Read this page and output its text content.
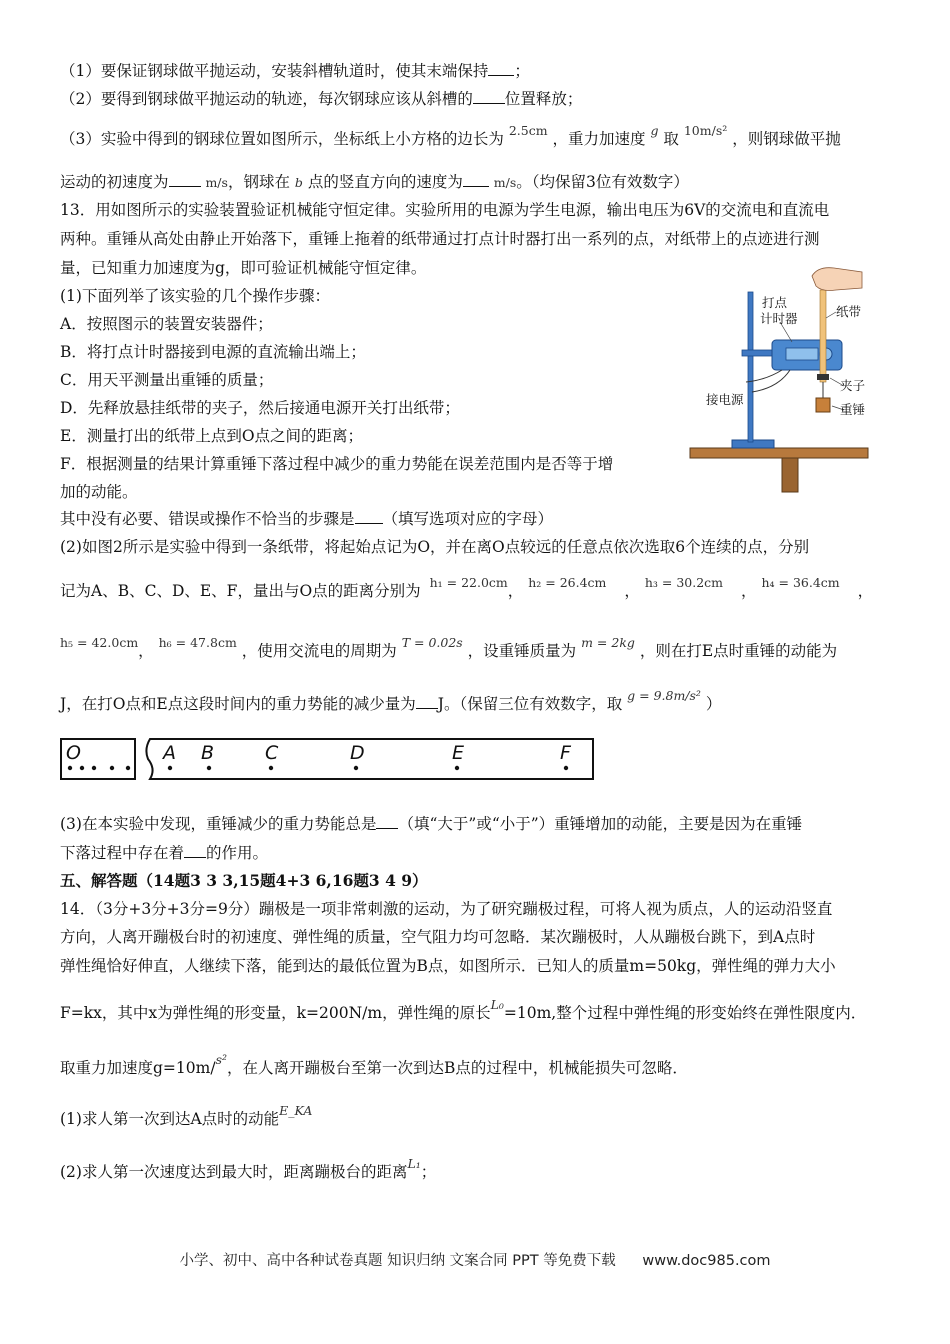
（1）要保证钢球做平抛运动，安装斜槽轨道时，使其末端保持 ；
（2）要得到钢球做平抛运动的轨迹，每次钢球应该从斜槽的 位置释放；
（3）实验中得到的钢球位置如图所示，坐标纸上小方格的边长为 $^{2.5cm}$ ，重力加速度 $^g$ 取 $^{10m/s^2}$ ，则钢球做平抛
运动的初速度为	m/s，钢球在 b 点的竖直方向的速度为 m/s。（均保留3位有效数字）
13．用如图所示的实验装置验证机械能守恒定律。实验所用的电源为学生电源，输出电压为6V的交流电和直流电
两种。重锤从高处由静止开始落下，重锤上拖着的纸带通过打点计时器打出一系列的点，对纸带上的点迹进行测
量，已知重力加速度为g，即可验证机械能守恒定律。
(1)下面列举了该实验的几个操作步骤：
A．按照图示的装置安装器件；
B．将打点计时器接到电源的直流输出端上；
C．用天平测量出重锤的质量；
D．先释放悬挂纸带的夹子，然后接通电源开关打出纸带；
E．测量打出的纸带上点到O点之间的距离；
F．根据测量的结果计算重锤下落过程中减少的重力势能在误差范围内是否等于增
加的动能。
其中没有必要、错误或操作不恰当的步骤是 （填写选项对应的字母）
打点
计时器	纸带
接电源
夹子
重锤
(2)如图2所示是实验中得到一条纸带，将起始点记为O，并在离O点较远的任意点依次选取6个连续的点，分别
记为A、B、C、D、E、F，量出与O点的距离分别为 $^{h_1 = 22.0cm}$， $^{h_2 = 26.4cm}$ ， $^{h_3 = 30.2cm}$ ， $^{h_4 = 36.4cm}$ ，
$^{h_5 = 42.0cm}$， $^{h_6 = 47.8cm}$ ，使用交流电的周期为 $^{T = 0.02s}$ ，设重锤质量为 $^{m = 2kg}$ ，则在打E点时重锤的动能为
J，在打O点和E点这段时间内的重力势能的减少量为 J。（保留三位有效数字，取 $^{g = 9.8m/s^2}$ ）
O	A B	C	D	E	F
(3)在本实验中发现，重锤减少的重力势能总是 （填“大于”或“小于”）重锤增加的动能，主要是因为在重锤
下落过程中存在着 的作用。
五、解答题（14题3 3 3,15题4+3 6,16题3 4 9）
14．（3分+3分+3分=9分）蹦极是一项非常刺激的运动，为了研究蹦极过程，可将人视为质点，人的运动沿竖直
方向，人离开蹦极台时的初速度、弹性绳的质量，空气阻力均可忽略．某次蹦极时，人从蹦极台跳下，到A点时
弹性绳恰好伸直，人继续下落，能到达的最低位置为B点，如图所示．已知人的质量m=50kg，弹性绳的弹力大小
F=kx，其中x为弹性绳的形变量，k=200N/m，弹性绳的原长$^{L_0}$=10m,整个过程中弹性绳的形变始终在弹性限度内．
取重力加速度g=10m/$^{s^2}$，在人离开蹦极台至第一次到达B点的过程中，机械能损失可忽略．
(1)求人第一次到达A点时的动能$^{E\_KA}$
(2)求人第一次速度达到最大时，距离蹦极台的距离$^{L_1}$；
小学、初中、高中各种试卷真题 知识归纳 文案合同 PPT 等免费下载 www.doc985.com
